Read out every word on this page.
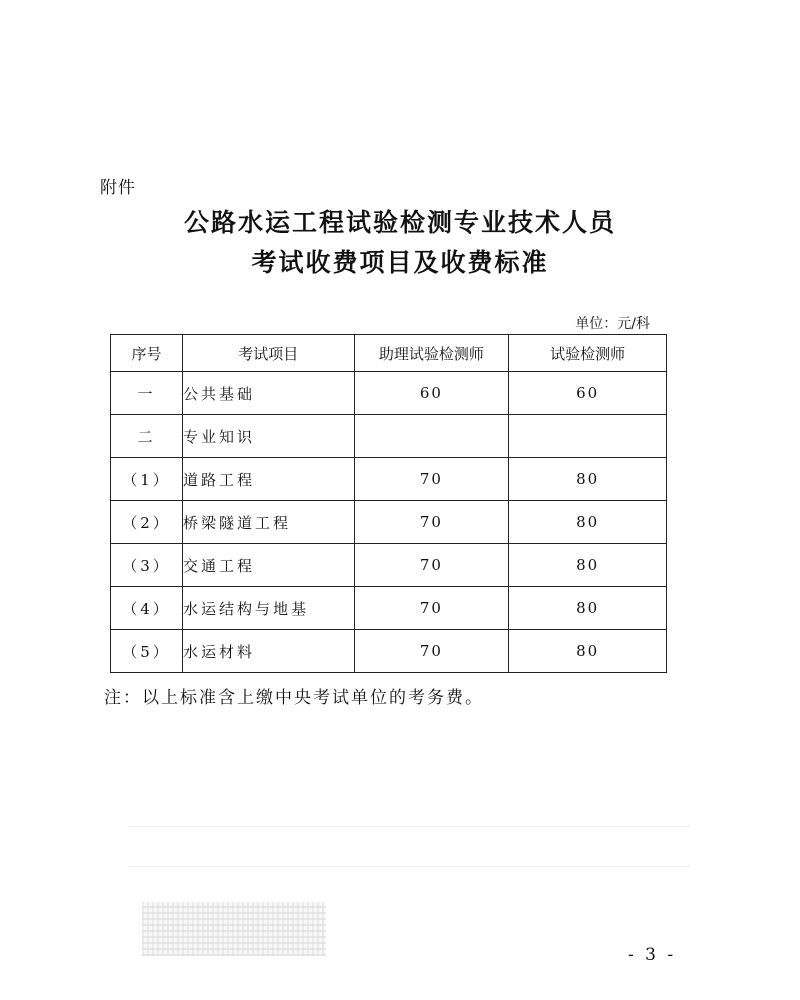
附件
公路水运工程试验检测专业技术人员
考试收费项目及收费标准
单位：元/科
序号	考试项目	助理试验检测师	试验检测师
一	公共基础	60	60
二	专业知识		
（1）	道路工程	70	80
（2）	桥梁隧道工程	70	80
（3）	交通工程	70	80
（4）	水运结构与地基	70	80
（5）	水运材料	70	80
注：以上标准含上缴中央考试单位的考务费。
- 3 -
